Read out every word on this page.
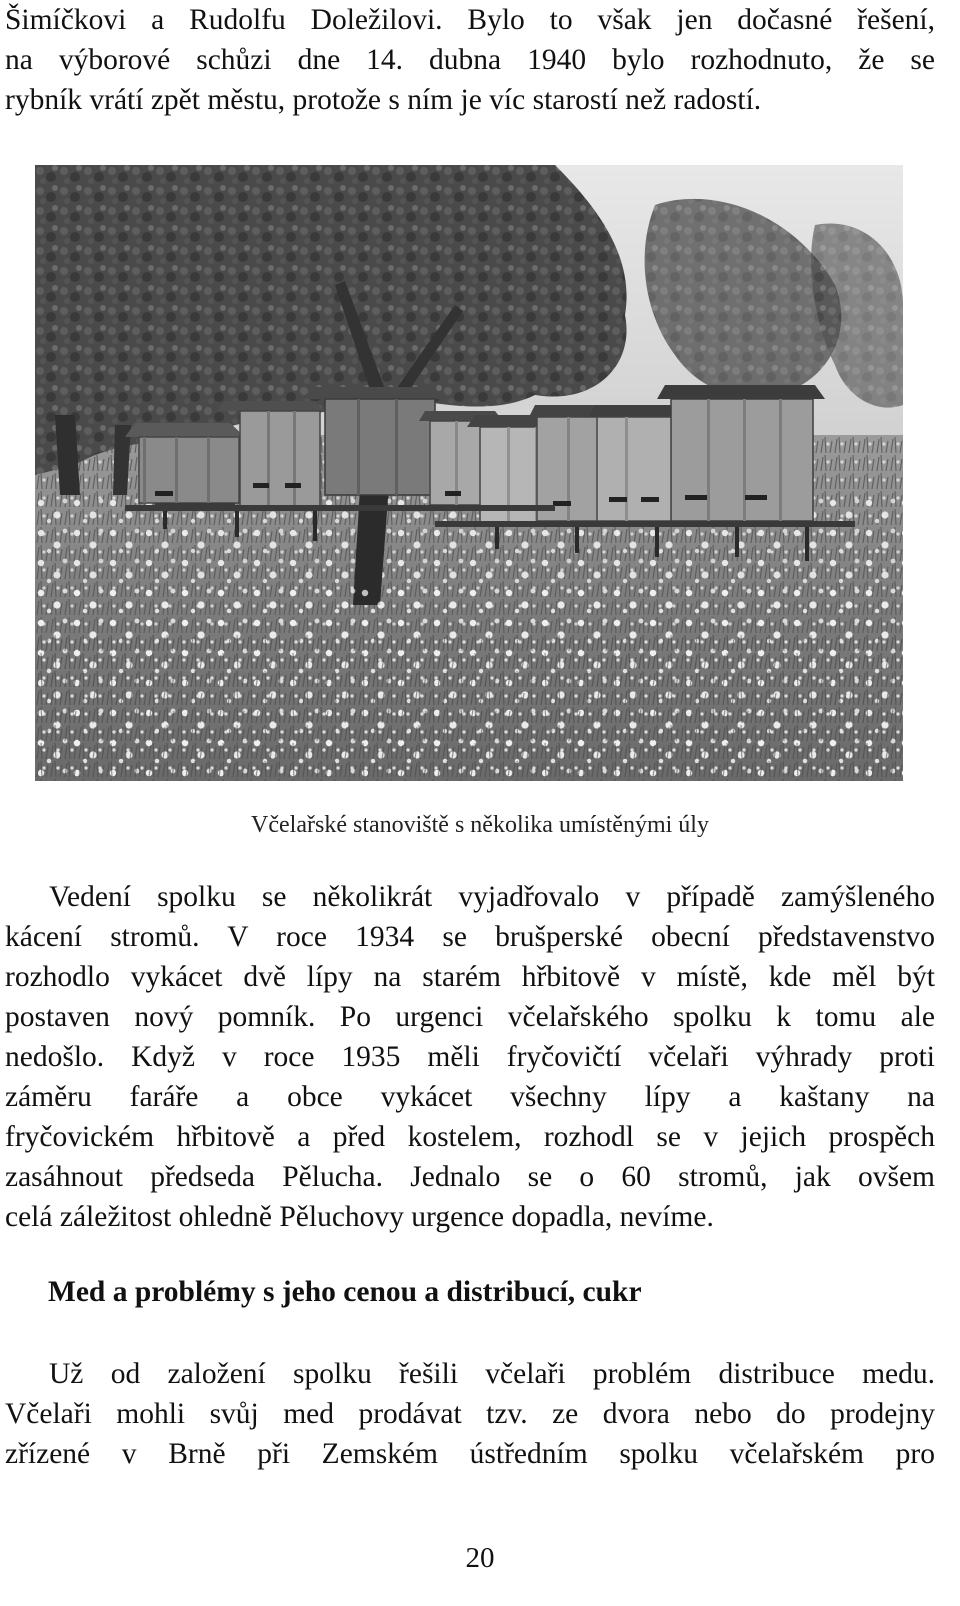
Šimíčkovi a Rudolfu Doležilovi. Bylo to však jen dočasné řešení,
na výborové schůzi dne 14. dubna 1940 bylo rozhodnuto, že se
rybník vrátí zpět městu, protože s ním je víc starostí než radostí.

Včelařské stanoviště s několika umístěnými úly

Vedení spolku se několikrát vyjadřovalo v případě zamýšleného
kácení stromů. V roce 1934 se brušperské obecní představenstvo
rozhodlo vykácet dvě lípy na starém hřbitově v místě, kde měl být
postaven nový pomník. Po urgenci včelařského spolku k tomu ale
nedošlo. Když v roce 1935 měli fryčovičtí včelaři výhrady proti
záměru faráře a obce vykácet všechny lípy a kaštany na
fryčovickém hřbitově a před kostelem, rozhodl se v jejich prospěch
zasáhnout předseda Pělucha. Jednalo se o 60 stromů, jak ovšem
celá záležitost ohledně Pěluchovy urgence dopadla, nevíme.
Med a problémy s jeho cenou a distribucí, cukr
Už od založení spolku řešili včelaři problém distribuce medu.
Včelaři mohli svůj med prodávat tzv. ze dvora nebo do prodejny
zřízené v Brně při Zemském ústředním spolku včelařském pro
20
